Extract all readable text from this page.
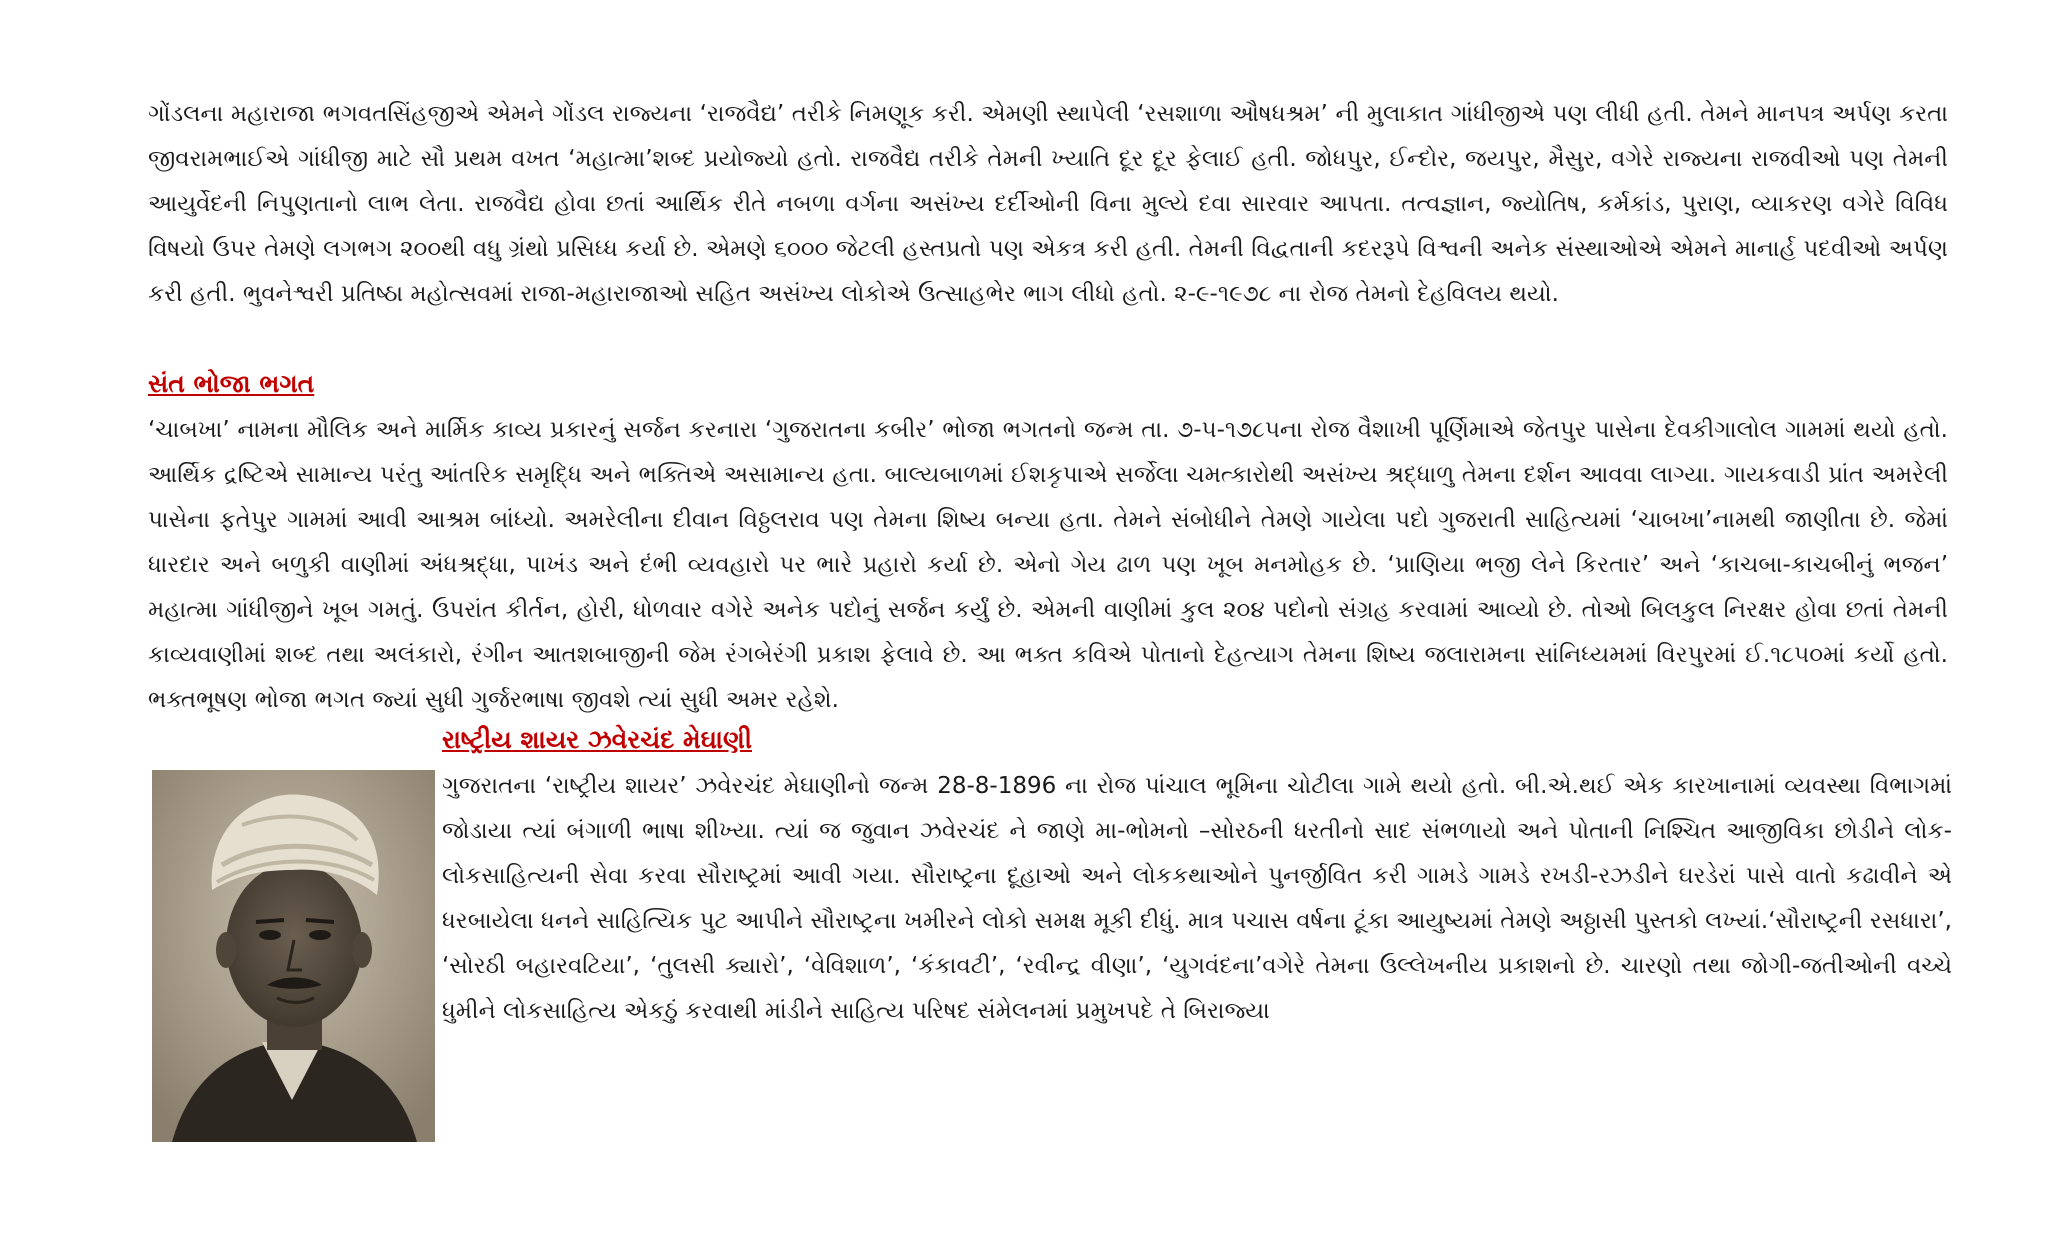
ગોંડલના મહારાજા ભગવતસિંહજીએ એમને ગોંડલ રાજ્યના ‘રાજવૈદ્ય’ તરીકે નિમણૂક કરી. એમણી સ્થાપેલી ‘રસશાળા ઔષધશ્રમ’ ની મુલાકાત ગાંધીજીએ પણ લીધી હતી. તેમને માનપત્ર અર્પણ કરતા જીવરામભાઈએ ગાંધીજી માટે સૌ પ્રથમ વખત ‘મહાત્મા’શબ્દ પ્રયોજ્યો હતો. રાજવૈદ્ય તરીકે તેમની ખ્યાતિ દૂર દૂર ફેલાઈ હતી. જોધપુર, ઈન્દોર, જયપુર, મૈસુર, વગેરે રાજ્યના રાજવીઓ પણ તેમની આયુર્વેદની નિપુણતાનો લાભ લેતા. રાજવૈદ્ય હોવા છતાં આર્થિક રીતે નબળા વર્ગના અસંખ્ય દર્દીઓની વિના મુલ્યે દવા સારવાર આપતા. તત્વજ્ઞાન, જ્યોતિષ, કર્મકાંડ, પુરાણ, વ્યાકરણ વગેરે વિવિધ વિષયો ઉપર તેમણે લગભગ ૨૦૦થી વધુ ગ્રંથો પ્રસિધ્ધ કર્યા છે. એમણે ૬૦૦૦ જેટલી હસ્તપ્રતો પણ એકત્ર કરી હતી. તેમની વિદ્વતાની કદરરૂપે વિશ્વની અનેક સંસ્થાઓએ એમને માનાર્હ પદવીઓ અર્પણ કરી હતી. ભુવનેશ્વરી પ્રતિષ્ઠા મહોત્સવમાં રાજા-મહારાજાઓ સહિત અસંખ્ય લોકોએ ઉત્સાહભેર ભાગ લીધો હતો. ૨-૯-૧૯૭૮ ના રોજ તેમનો દેહવિલય થયો.

સંત ભોજા ભગત

‘ચાબખા’ નામના મૌલિક અને માર્મિક કાવ્ય પ્રકારનું સર્જન કરનારા ‘ગુજરાતના કબીર’ ભોજા ભગતનો જન્મ તા. ૭-૫-૧૭૮૫ના રોજ વૈશાખી પૂર્ણિમાએ જેતપુર પાસેના દેવકીગાલોલ ગામમાં થયો હતો. આર્થિક દ્રષ્ટિએ સામાન્ય પરંતુ આંતરિક સમૃદ્ધિ અને ભક્તિએ અસામાન્ય હતા. બાલ્યબાળમાં ઈશકૃપાએ સર્જેલા ચમત્કારોથી અસંખ્ય શ્રદ્ધાળુ તેમના દર્શન આવવા લાગ્યા. ગાયકવાડી પ્રાંત અમરેલી પાસેના ફતેપુર ગામમાં આવી આશ્રમ બાંધ્યો. અમરેલીના દીવાન વિઠ્ઠલરાવ પણ તેમના શિષ્ય બન્યા હતા. તેમને સંબોધીને તેમણે ગાયેલા પદો ગુજરાતી સાહિત્યમાં ‘ચાબખા’નામથી જાણીતા છે. જેમાં ધારદાર અને બળુકી વાણીમાં અંધશ્રદ્ધા, પાખંડ અને દંભી વ્યવહારો પર ભારે પ્રહારો કર્યા છે. એનો ગેય ઢાળ પણ ખૂબ મનમોહક છે. ‘પ્રાણિયા ભજી લેને કિરતાર’ અને ‘કાચબા-કાચબીનું ભજન’ મહાત્મા ગાંધીજીને ખૂબ ગમતું. ઉપરાંત કીર્તન, હોરી, ધોળવાર વગેરે અનેક પદોનું સર્જન કર્યું છે. એમની વાણીમાં કુલ ૨૦૪ પદોનો સંગ્રહ કરવામાં આવ્યો છે. તોઓ બિલકુલ નિરક્ષર હોવા છતાં તેમની કાવ્યવાણીમાં શબ્દ તથા અલંકારો, રંગીન આતશબાજીની જેમ રંગબેરંગી પ્રકાશ ફેલાવે છે. આ ભક્ત કવિએ પોતાનો દેહત્યાગ તેમના શિષ્ય જલારામના સાંનિધ્યમમાં વિરપુરમાં ઈ.૧૮૫૦માં કર્યો હતો. ભક્તભૂષણ ભોજા ભગત જ્યાં સુધી ગુર્જરભાષા જીવશે ત્યાં સુધી અમર રહેશે.

રાષ્ટ્રીય શાયર ઝવેરચંદ મેઘાણી

ગુજરાતના ‘રાષ્ટ્રીય શાયર’ ઝવેરચંદ મેઘાણીનો જન્મ 28-8-1896 ના રોજ પાંચાલ ભૂમિના ચોટીલા ગામે થયો હતો. બી.એ.થઈ એક કારખાનામાં વ્યવસ્થા વિભાગમાં જોડાયા ત્યાં બંગાળી ભાષા શીખ્યા. ત્યાં જ જુવાન ઝવેરચંદ ને જાણે મા-ભોમનો –સોરઠની ધરતીનો સાદ સંભળાયો અને પોતાની નિશ્ચિત આજીવિકા છોડીને લોક-લોકસાહિત્યની સેવા કરવા સૌરાષ્ટ્રમાં આવી ગયા. સૌરાષ્ટ્રના દૂહાઓ અને લોકકથાઓને પુનર્જીવિત કરી ગામડે ગામડે રખડી-રઝડીને ઘરડેરાં પાસે વાતો કઢાવીને એ ધરબાયેલા ધનને સાહિત્યિક પુટ આપીને સૌરાષ્ટ્રના ખમીરને લોકો સમક્ષ મૂકી દીધું. માત્ર પચાસ વર્ષના ટૂંકા આયુષ્યમાં તેમણે અઠ્ઠાસી પુસ્તકો લખ્યાં.‘સૌરાષ્ટ્રની રસધારા’, ‘સોરઠી બહારવટિયા’, ‘તુલસી ક્યારો’, ‘વેવિશાળ’, ‘કંકાવટી’, ‘રવીન્દ્ર વીણા’, ‘યુગવંદના’વગેરે તેમના ઉલ્લેખનીય પ્રકાશનો છે. ચારણો તથા જોગી-જતીઓની વચ્ચે ધુમીને લોકસાહિત્ય એકઠું કરવાથી માંડીને સાહિત્ય પરિષદ સંમેલનમાં પ્રમુખપદે તે બિરાજ્યા
